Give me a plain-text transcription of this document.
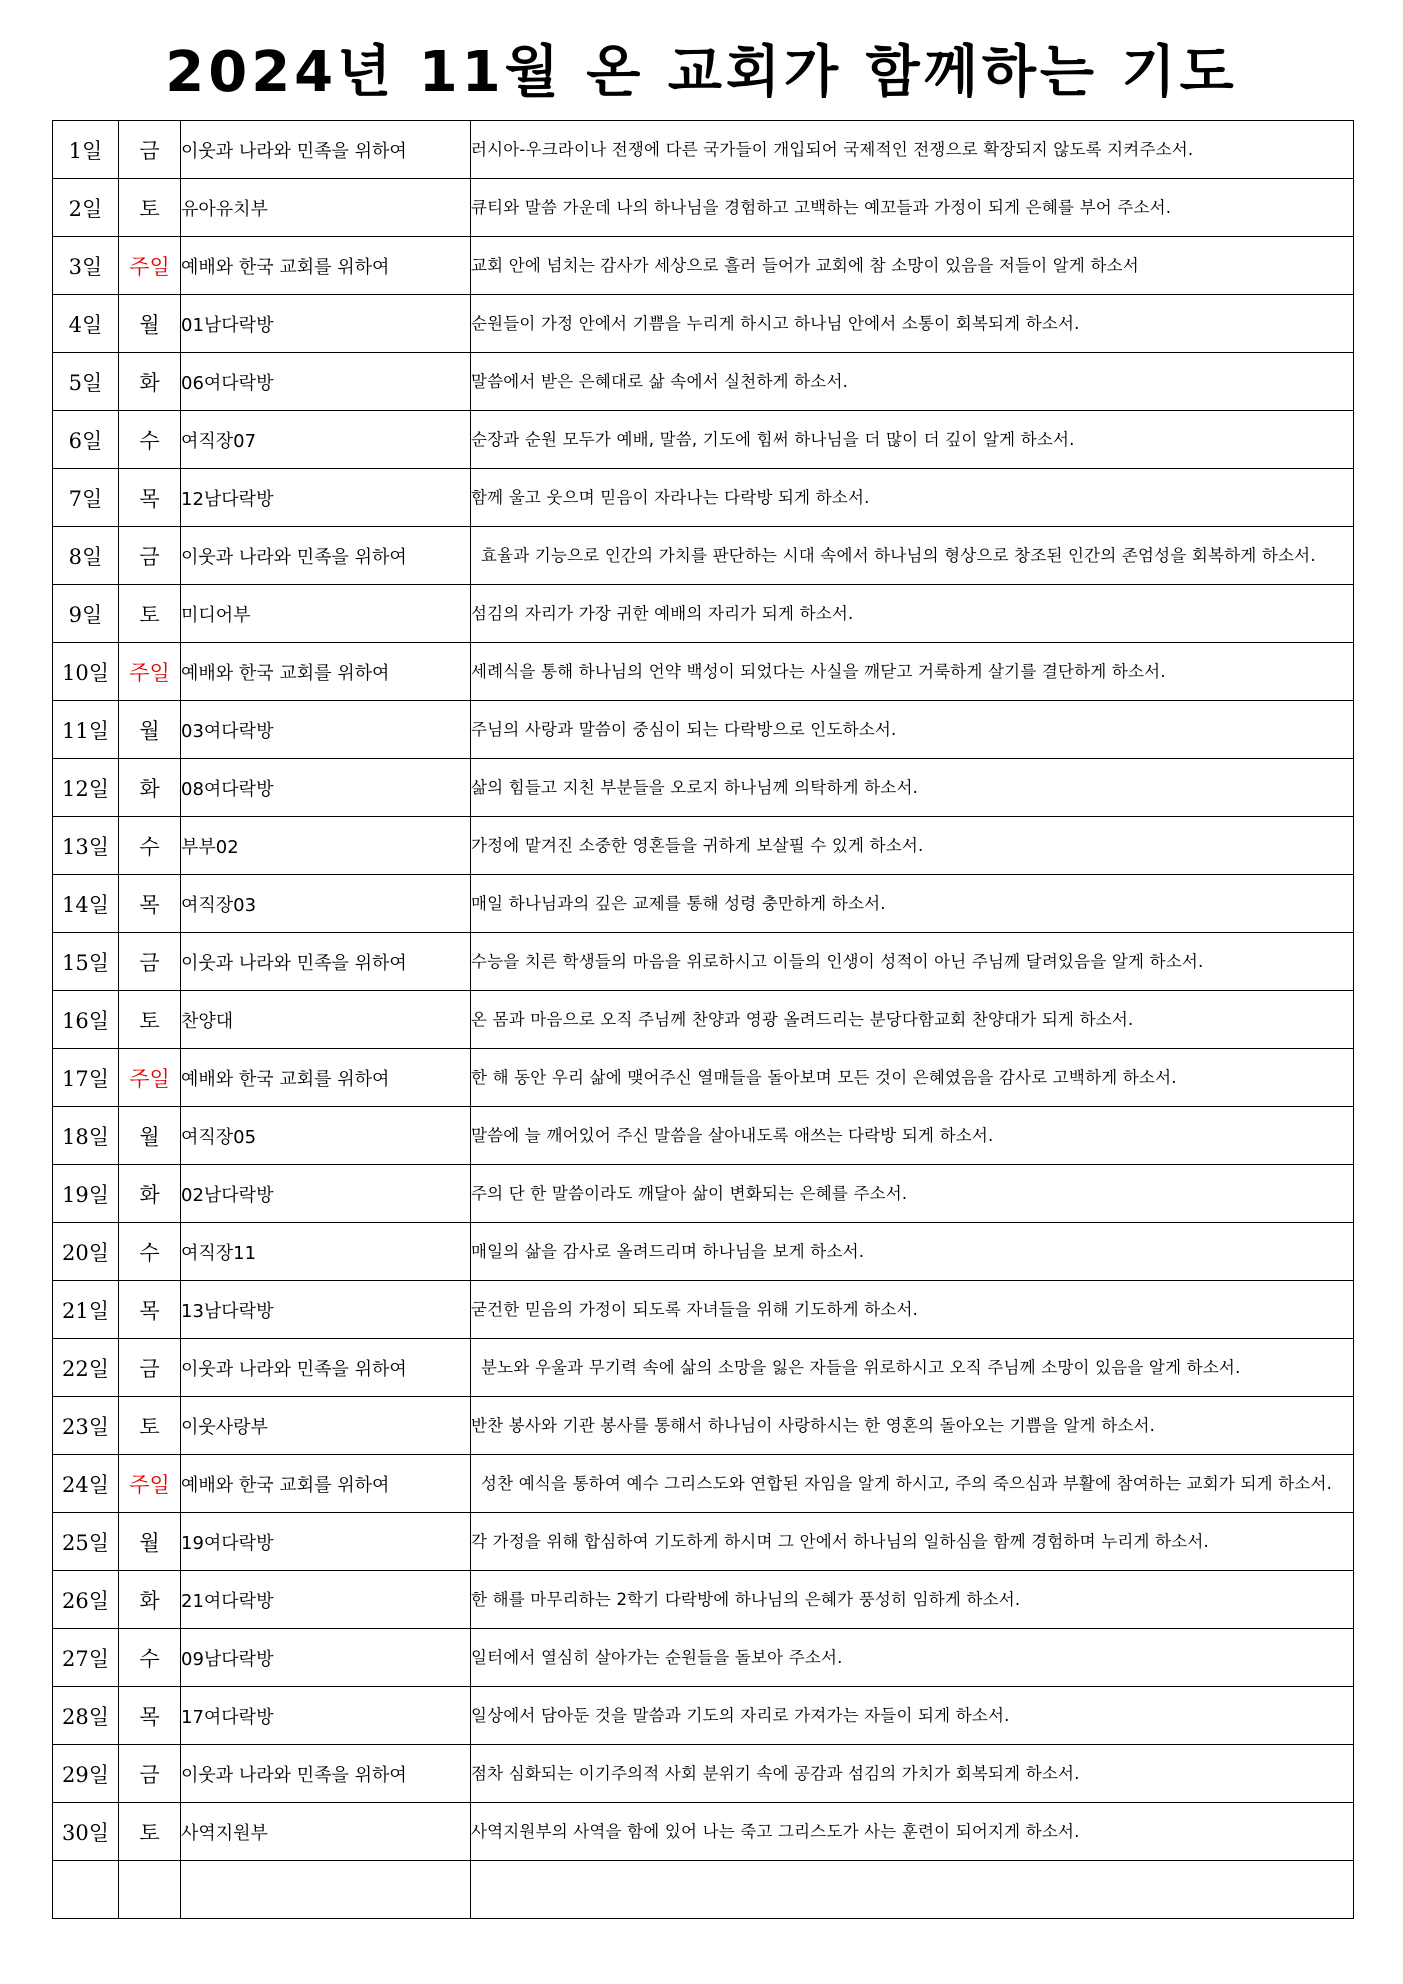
2024년 11월 온 교회가 함께하는 기도
1일	금	이웃과 나라와 민족을 위하여	러시아-우크라이나 전쟁에 다른 국가들이 개입되어 국제적인 전쟁으로 확장되지 않도록 지켜주소서.
2일	토	유아유치부	큐티와 말씀 가운데 나의 하나님을 경험하고 고백하는 예꼬들과 가정이 되게 은혜를 부어 주소서.
3일	주일	예배와 한국 교회를 위하여	교회 안에 넘치는 감사가 세상으로 흘러 들어가 교회에 참 소망이 있음을 저들이 알게 하소서
4일	월	01남다락방	순원들이 가정 안에서 기쁨을 누리게 하시고 하나님 안에서 소통이 회복되게 하소서.
5일	화	06여다락방	말씀에서 받은 은혜대로 삶 속에서 실천하게 하소서.
6일	수	여직장07	순장과 순원 모두가 예배, 말씀, 기도에 힘써 하나님을 더 많이 더 깊이 알게 하소서.
7일	목	12남다락방	함께 울고 웃으며 믿음이 자라나는 다락방 되게 하소서.
8일	금	이웃과 나라와 민족을 위하여	효율과 기능으로 인간의 가치를 판단하는 시대 속에서 하나님의 형상으로 창조된 인간의 존엄성을 회복하게 하소서.
9일	토	미디어부	섬김의 자리가 가장 귀한 예배의 자리가 되게 하소서.
10일	주일	예배와 한국 교회를 위하여	세례식을 통해 하나님의 언약 백성이 되었다는 사실을 깨닫고 거룩하게 살기를 결단하게 하소서.
11일	월	03여다락방	주님의 사랑과 말씀이 중심이 되는 다락방으로 인도하소서.
12일	화	08여다락방	삶의 힘들고 지친 부분들을 오로지 하나님께 의탁하게 하소서.
13일	수	부부02	가정에 맡겨진 소중한 영혼들을 귀하게 보살필 수 있게 하소서.
14일	목	여직장03	매일 하나님과의 깊은 교제를 통해 성령 충만하게 하소서.
15일	금	이웃과 나라와 민족을 위하여	수능을 치른 학생들의 마음을 위로하시고 이들의 인생이 성적이 아닌 주님께 달려있음을 알게 하소서.
16일	토	찬양대	온 몸과 마음으로 오직 주님께 찬양과 영광 올려드리는 분당다함교회 찬양대가 되게 하소서.
17일	주일	예배와 한국 교회를 위하여	한 해 동안 우리 삶에 맺어주신 열매들을 돌아보며 모든 것이 은혜였음을 감사로 고백하게 하소서.
18일	월	여직장05	말씀에 늘 깨어있어 주신 말씀을 살아내도록 애쓰는 다락방 되게 하소서.
19일	화	02남다락방	주의 단 한 말씀이라도 깨달아 삶이 변화되는 은혜를 주소서.
20일	수	여직장11	매일의 삶을 감사로 올려드리며 하나님을 보게 하소서.
21일	목	13남다락방	굳건한 믿음의 가정이 되도록 자녀들을 위해 기도하게 하소서.
22일	금	이웃과 나라와 민족을 위하여	분노와 우울과 무기력 속에 삶의 소망을 잃은 자들을 위로하시고 오직 주님께 소망이 있음을 알게 하소서.
23일	토	이웃사랑부	반찬 봉사와 기관 봉사를 통해서 하나님이 사랑하시는 한 영혼의 돌아오는 기쁨을 알게 하소서.
24일	주일	예배와 한국 교회를 위하여	성찬 예식을 통하여 예수 그리스도와 연합된 자임을 알게 하시고, 주의 죽으심과 부활에 참여하는 교회가 되게 하소서.
25일	월	19여다락방	각 가정을 위해 합심하여 기도하게 하시며 그 안에서 하나님의 일하심을 함께 경험하며 누리게 하소서.
26일	화	21여다락방	한 해를 마무리하는 2학기 다락방에 하나님의 은혜가 풍성히 임하게 하소서.
27일	수	09남다락방	일터에서 열심히 살아가는 순원들을 돌보아 주소서.
28일	목	17여다락방	일상에서 담아둔 것을 말씀과 기도의 자리로 가져가는 자들이 되게 하소서.
29일	금	이웃과 나라와 민족을 위하여	점차 심화되는 이기주의적 사회 분위기 속에 공감과 섬김의 가치가 회복되게 하소서.
30일	토	사역지원부	사역지원부의 사역을 함에 있어 나는 죽고 그리스도가 사는 훈련이 되어지게 하소서.
